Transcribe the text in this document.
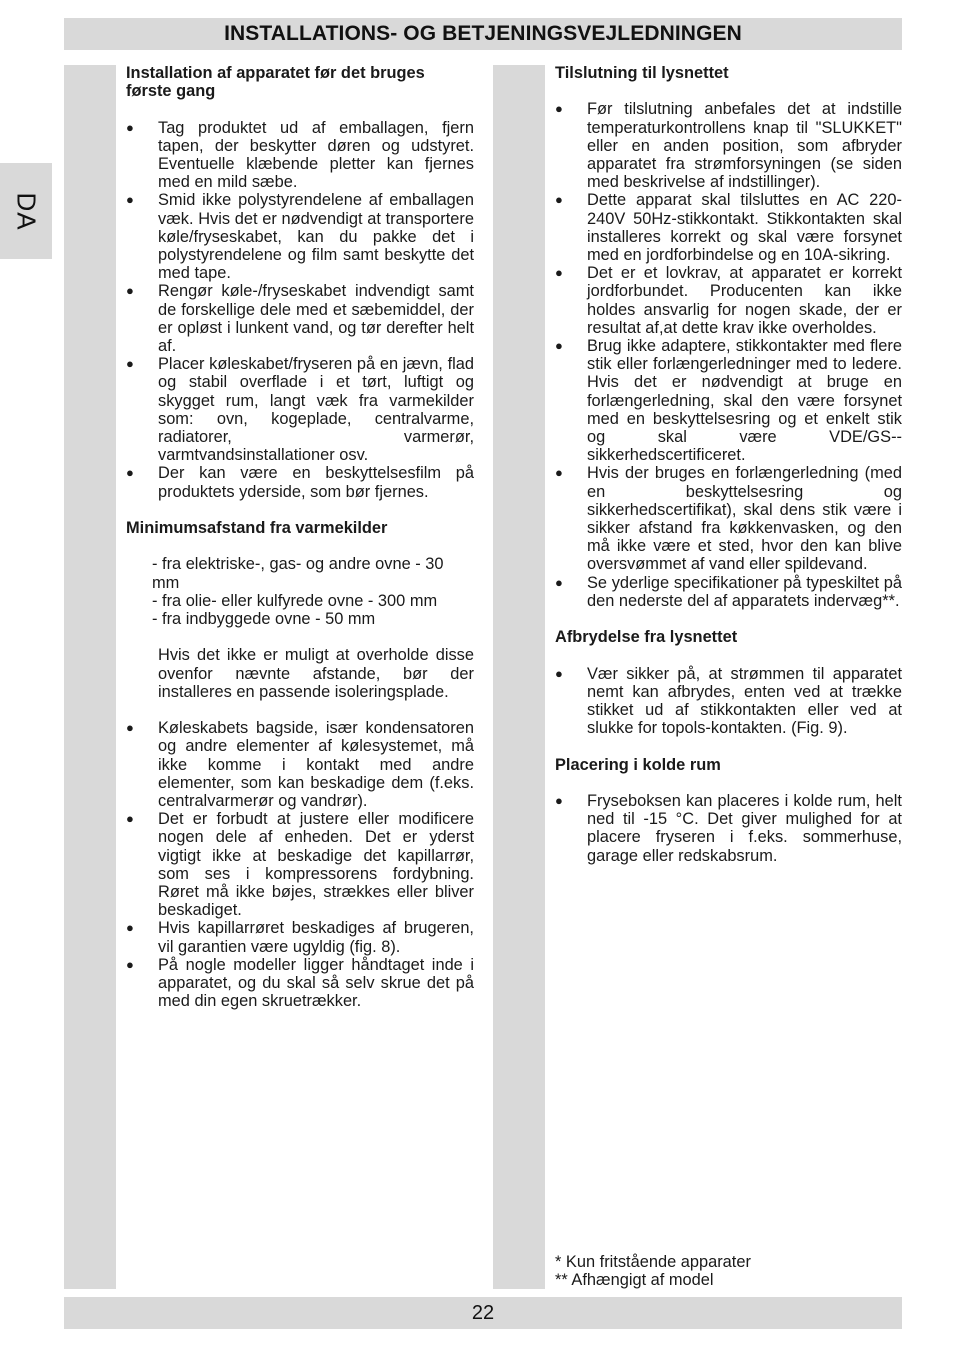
INSTALLATIONS- OG BETJENINGSVEJLEDNINGEN
DA

Installation af apparatet før det bruges første gang

● Tag produktet ud af emballagen, fjern tapen, der beskytter døren og udstyret. Eventuelle klæbende pletter kan fjernes med en mild sæbe.
● Smid ikke polystyrendelene af emballagen væk. Hvis det er nødvendigt at transportere køle/fryseskabet, kan du pakke det i polystyrendelene og film samt beskytte det med tape.
● Rengør køle-/fryseskabet indvendigt samt de forskellige dele med et sæbemiddel, der er opløst i lunkent vand, og tør derefter helt af.
● Placer køleskabet/fryseren på en jævn, flad og stabil overflade i et tørt, luftigt og skygget rum, langt væk fra varmekilder som: ovn, kogeplade, centralvarme, radiatorer, varmerør, varmtvandsinstallationer osv.
● Der kan være en beskyttelsesfilm på produktets yderside, som bør fjernes.

Minimumsafstand fra varmekilder

- fra elektriske-, gas- og andre ovne - 30 mm
- fra olie- eller kulfyrede ovne - 300 mm
- fra indbyggede ovne - 50 mm

Hvis det ikke er muligt at overholde disse ovenfor nævnte afstande, bør der installeres en passende isoleringsplade.

● Køleskabets bagside, især kondensatoren og andre elementer af kølesystemet, må ikke komme i kontakt med andre elementer, som kan beskadige dem (f.eks. centralvarmerør og vandrør).
● Det er forbudt at justere eller modificere nogen dele af enheden. Det er yderst vigtigt ikke at beskadige det kapillarrør, som ses i kompressorens fordybning. Røret må ikke bøjes, strækkes eller bliver beskadiget.
● Hvis kapillarrøret beskadiges af brugeren, vil garantien være ugyldig (fig. 8).
● På nogle modeller ligger håndtaget inde i apparatet, og du skal så selv skrue det på med din egen skruetrækker.

Tilslutning til lysnettet

● Før tilslutning anbefales det at indstille temperaturkontrollens knap til "SLUKKET" eller en anden position, som afbryder apparatet fra strømforsyningen (se siden med beskrivelse af indstillinger).
● Dette apparat skal tilsluttes en AC 220-240V 50Hz-stikkontakt. Stikkontakten skal installeres korrekt og skal være forsynet med en jordforbindelse og en 10A-sikring.
● Det er et lovkrav, at apparatet er korrekt jordforbundet. Producenten kan ikke holdes ansvarlig for nogen skade, der er resultat af,at dette krav ikke overholdes.
● Brug ikke adaptere, stikkontakter med flere stik eller forlængerledninger med to ledere. Hvis det er nødvendigt at bruge en forlængerledning, skal den være forsynet med en beskyttelsesring og et enkelt stik og skal være VDE/GS--sikkerhedscertificeret.
● Hvis der bruges en forlængerledning (med en beskyttelsesring og sikkerhedscertifikat), skal dens stik være i sikker afstand fra køkkenvasken, og den må ikke være et sted, hvor den kan blive oversvømmet af vand eller spildevand.
● Se yderlige specifikationer på typeskiltet på den nederste del af apparatets indervæg**.

Afbrydelse fra lysnettet

● Vær sikker på, at strømmen til apparatet nemt kan afbrydes, enten ved at trække stikket ud af stikkontakten eller ved at slukke for topols-kontakten. (Fig. 9).

Placering i kolde rum

● Fryseboksen kan placeres i kolde rum, helt ned til -15 °C. Det giver mulighed for at placere fryseren i f.eks. sommerhuse, garage eller redskabsrum.
* Kun fritstående apparater
** Afhængigt af model
22
